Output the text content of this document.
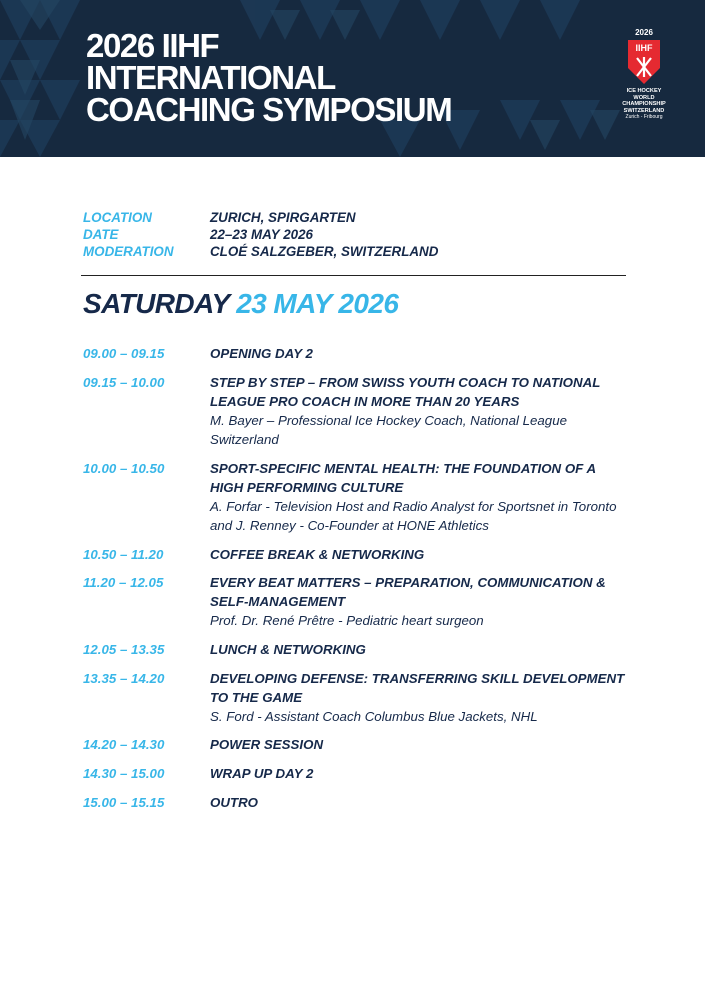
2026 IIHF
INTERNATIONAL
COACHING SYMPOSIUM
2026
IIHF
ICE HOCKEY
WORLD
CHAMPIONSHIP
SWITZERLAND
Zurich - Fribourg
LOCATION	ZURICH, SPIRGARTEN
DATE	22–23 MAY 2026
MODERATION	CLOÉ SALZGEBER, SWITZERLAND
SATURDAY 23 MAY 2026
09.00 – 09.15	OPENING DAY 2
09.15 – 10.00	STEP BY STEP – FROM SWISS YOUTH COACH TO NATIONAL LEAGUE PRO COACH IN MORE THAN 20 YEARS
M. Bayer – Professional Ice Hockey Coach, National League Switzerland
10.00 – 10.50	SPORT-SPECIFIC MENTAL HEALTH: THE FOUNDATION OF A HIGH PERFORMING CULTURE
A. Forfar - Television Host and Radio Analyst for Sportsnet in Toronto and J. Renney - Co-Founder at HONE Athletics
10.50 – 11.20	COFFEE BREAK & NETWORKING
11.20 – 12.05	EVERY BEAT MATTERS – PREPARATION, COMMUNICATION & SELF-MANAGEMENT
Prof. Dr. René Prêtre - Pediatric heart surgeon
12.05 – 13.35	LUNCH & NETWORKING
13.35 – 14.20	DEVELOPING DEFENSE: TRANSFERRING SKILL DEVELOPMENT TO THE GAME
S. Ford - Assistant Coach Columbus Blue Jackets, NHL
14.20 – 14.30	POWER SESSION
14.30 – 15.00	WRAP UP DAY 2
15.00 – 15.15	OUTRO
